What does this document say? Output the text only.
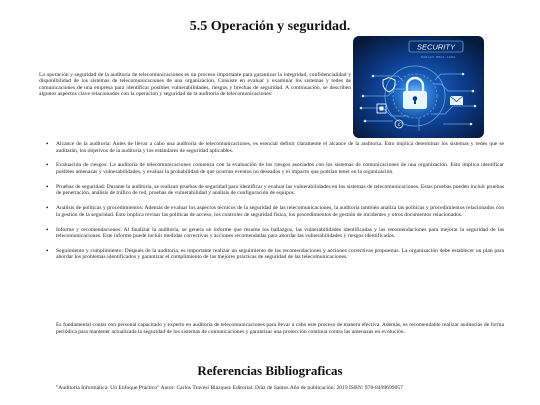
5.5 Operación y seguridad.
SECURITY
010110 0011 1101
c
La operación y seguridad de la auditoria de telecomunicaciones es un proceso importante para garantizar la integridad, confidencialidad y disponibilidad de los sistemas de telecomunicaciones de una organización. Consiste en evaluar y examinar los sistemas y redes de comunicaciones de una empresa para identificar posibles vulnerabilidades, riesgos y brechas de seguridad. A continuación, se describen algunos aspectos clave relacionados con la operación y seguridad de la auditoria de telecomunicaciones:
• Alcance de la auditoría: Antes de llevar a cabo una auditoría de telecomunicaciones, es esencial definir claramente el alcance de la auditoría. Esto implica determinar los sistemas y redes que se auditarán, los objetivos de la auditoría y los estándares de seguridad aplicables.
• Evaluación de riesgos: La auditoría de telecomunicaciones comienza con la evaluación de los riesgos asociados con los sistemas de comunicaciones de una organización. Esto implica identificar posibles amenazas y vulnerabilidades, y evaluar la probabilidad de que ocurran eventos no deseados y el impacto que podrían tener en la organización.
• Pruebas de seguridad: Durante la auditoría, se realizan pruebas de seguridad para identificar y evaluar las vulnerabilidades en los sistemas de telecomunicaciones. Estas pruebas pueden incluir pruebas de penetración, análisis de tráfico de red, pruebas de vulnerabilidad y análisis de configuración de equipos.
• Análisis de políticas y procedimientos: Además de evaluar los aspectos técnicos de la seguridad de las telecomunicaciones, la auditoría también analiza las políticas y procedimientos relacionados con la gestión de la seguridad. Esto implica revisar las políticas de acceso, los controles de seguridad física, los procedimientos de gestión de incidentes y otros documentos relacionados.
• Informe y recomendaciones: Al finalizar la auditoría, se genera un informe que resume los hallazgos, las vulnerabilidades identificadas y las recomendaciones para mejorar la seguridad de las telecomunicaciones. Este informe puede incluir medidas correctivas y acciones recomendadas para abordar las vulnerabilidades y riesgos identificados.
• Seguimiento y cumplimiento: Después de la auditoría, es importante realizar un seguimiento de las recomendaciones y acciones correctivas propuestas. La organización debe establecer un plan para abordar los problemas identificados y garantizar el cumplimiento de las mejores prácticas de seguridad de las telecomunicaciones.
Es fundamental contar con personal capacitado y experto en auditoría de telecomunicaciones para llevar a cabo este proceso de manera efectiva. Además, es recomendable realizar auditorías de forma periódica para mantener actualizada la seguridad de los sistemas de comunicaciones y garantizar una protección continua contra las amenazas en evolución.
Referencias Bibliograficas
"Auditoría Informática: Un Enfoque Práctico" Autor: Carlos Travesí Blázquez Editorial: Díaz de Santos Año de publicación: 2019 ISBN: 978-8499699057
